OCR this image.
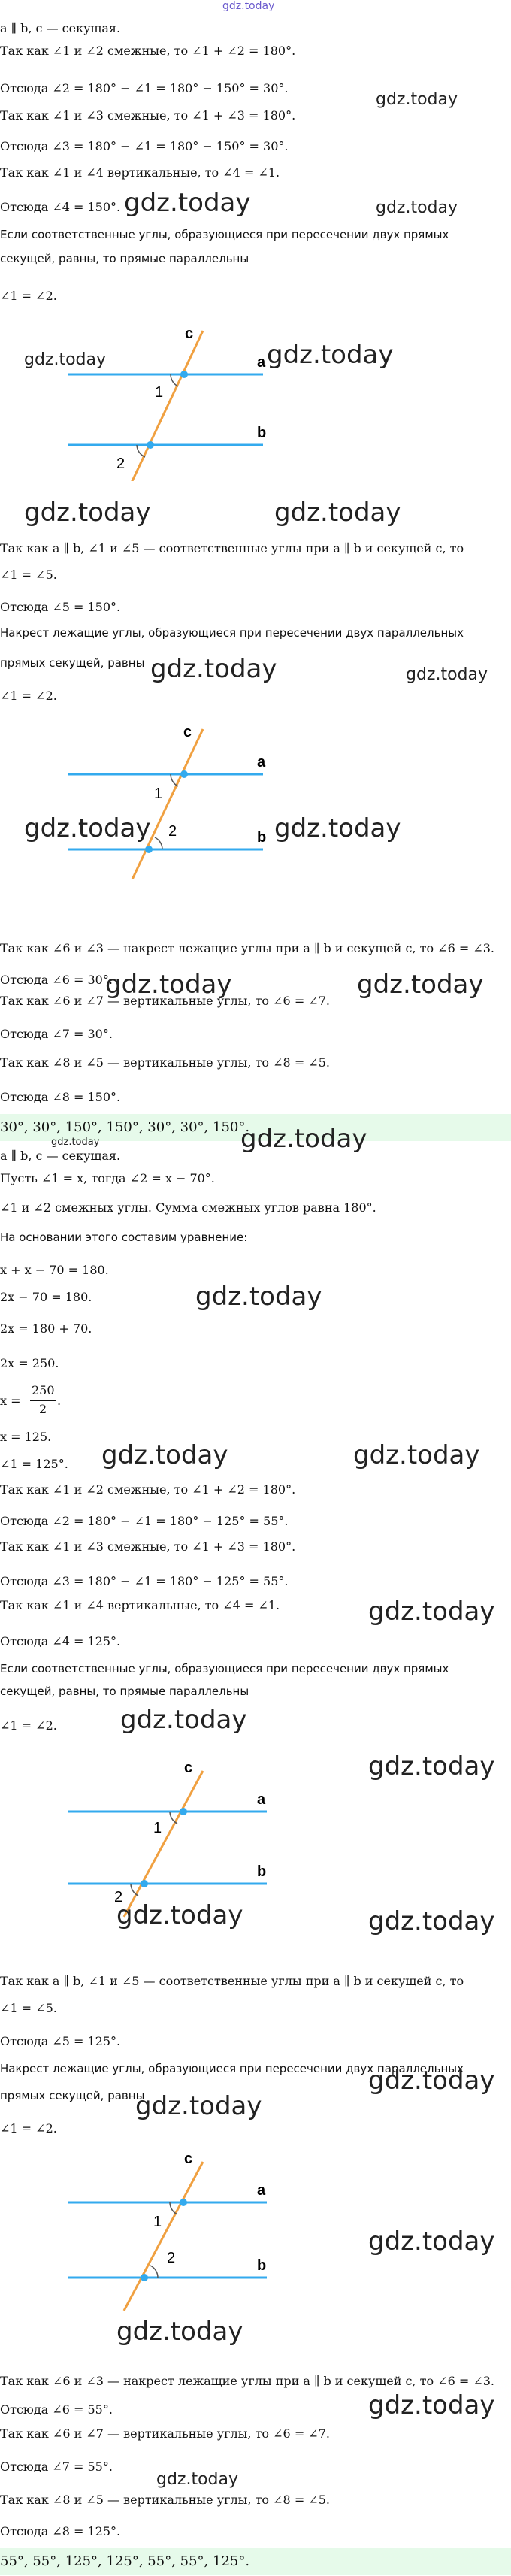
gdz.today
a ∥ b, c — секущая.
Так как ∠1 и ∠2 смежные, то ∠1 + ∠2 = 180°.
Отсюда ∠2 = 180° − ∠1 = 180° − 150° = 30°.
Так как ∠1 и ∠3 смежные, то ∠1 + ∠3 = 180°.
Отсюда ∠3 = 180° − ∠1 = 180° − 150° = 30°.
Так как ∠1 и ∠4 вертикальные, то ∠4 = ∠1.
Отсюда ∠4 = 150°.
Если соответственные углы, образующиеся при пересечении двух прямых
секущей, равны, то прямые параллельны
∠1 = ∠2.
gdz.today
gdz.today	gdz.today
c
a
b
1
2
gdz.today	gdz.today
gdz.today	gdz.today
Так как a ∥ b, ∠1 и ∠5 — соответственные углы при a ∥ b и секущей c, то
∠1 = ∠5.
Отсюда ∠5 = 150°.
Накрест лежащие углы, образующиеся при пересечении двух параллельных
прямых секущей, равны
∠1 = ∠2.
gdz.today	gdz.today
c
a
b
1
2
gdz.today	gdz.today
Так как ∠6 и ∠3 — накрест лежащие углы при a ∥ b и секущей c, то ∠6 = ∠3.
Отсюда ∠6 = 30°.
Так как ∠6 и ∠7 — вертикальные углы, то ∠6 = ∠7.
Отсюда ∠7 = 30°.
Так как ∠8 и ∠5 — вертикальные углы, то ∠8 = ∠5.
Отсюда ∠8 = 150°.
gdz.today	gdz.today
30°, 30°, 150°, 150°, 30°, 30°, 150°.
gdz.today
gdz.today
a ∥ b, c — секущая.
Пусть ∠1 = x, тогда ∠2 = x − 70°.
∠1 и ∠2 смежных углы. Сумма смежных углов равна 180°.
На основании этого составим уравнение:
x + x − 70 = 180.
2x − 70 = 180.
2x = 180 + 70.
2x = 250.
x =
250
2
.
x = 125.
∠1 = 125°.
Так как ∠1 и ∠2 смежные, то ∠1 + ∠2 = 180°.
Отсюда ∠2 = 180° − ∠1 = 180° − 125° = 55°.
Так как ∠1 и ∠3 смежные, то ∠1 + ∠3 = 180°.
Отсюда ∠3 = 180° − ∠1 = 180° − 125° = 55°.
Так как ∠1 и ∠4 вертикальные, то ∠4 = ∠1.
Отсюда ∠4 = 125°.
Если соответственные углы, образующиеся при пересечении двух прямых
секущей, равны, то прямые параллельны
∠1 = ∠2.
gdz.today
gdz.today	gdz.today
gdz.today
gdz.today
gdz.today
c
a
b
1
2
gdz.today	gdz.today
Так как a ∥ b, ∠1 и ∠5 — соответственные углы при a ∥ b и секущей c, то
∠1 = ∠5.
Отсюда ∠5 = 125°.
Накрест лежащие углы, образующиеся при пересечении двух параллельных
прямых секущей, равны
∠1 = ∠2.
gdz.today
gdz.today
c
a
b
1
2
gdz.today
gdz.today
Так как ∠6 и ∠3 — накрест лежащие углы при a ∥ b и секущей c, то ∠6 = ∠3.
Отсюда ∠6 = 55°.
Так как ∠6 и ∠7 — вертикальные углы, то ∠6 = ∠7.
Отсюда ∠7 = 55°.
Так как ∠8 и ∠5 — вертикальные углы, то ∠8 = ∠5.
Отсюда ∠8 = 125°.
gdz.today
gdz.today
55°, 55°, 125°, 125°, 55°, 55°, 125°.
